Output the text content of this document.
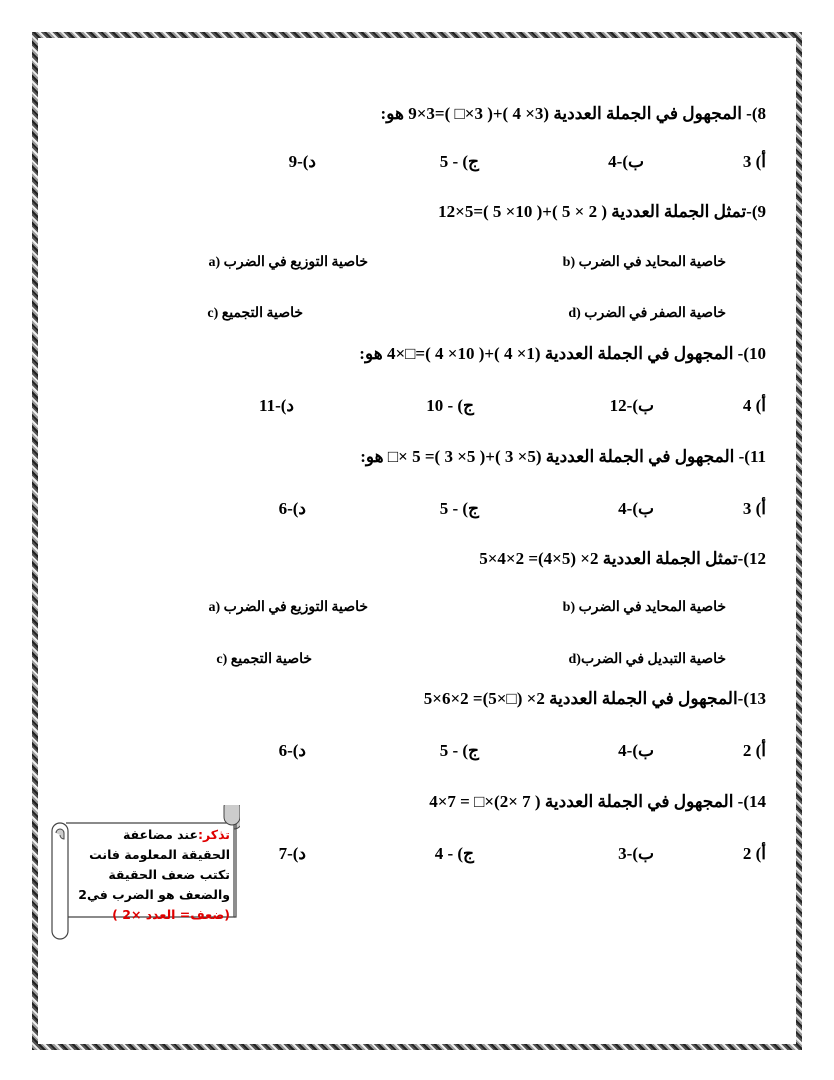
8)- المجهول في الجملة العددية (3× 4 )+( 3×□ )=3×9 هو:
أ) 3
ب)-4
ج) - 5
د)-9
9)-تمثل الجملة العددية ( 2 × 5 )+( 10× 5 )=5×12
خاصية المحايد في الضرب (b
خاصية التوزيع في الضرب (a
خاصية الصفر في الضرب (d
خاصية التجميع (c
10)- المجهول في الجملة العددية (1× 4 )+( 10× 4 )=□×4 هو:
أ) 4
ب)-12
ج) - 10
د)-11
11)- المجهول في الجملة العددية (5× 3 )+( 5× 3 )= 5 ×□ هو:
أ) 3
ب)-4
ج) - 5
د)-6
12)-تمثل الجملة العددية 2× (5×4)= 2×4×5
خاصية المحايد في الضرب (b
خاصية التوزيع في الضرب (a
خاصية التبديل في الضرب(d
خاصية التجميع (c
13)-المجهول في الجملة العددية 2× (□×5)= 2×6×5
أ) 2
ب)-4
ج) - 5
د)-6
14)- المجهول في الجملة العددية ( 7 ×2)×□ = 7×4
أ) 2
ب)-3
ج) - 4
د)-7
تذكر:عند مضاعفة الحقيقة المعلومة فانت تكتب ضعف الحقيقة والضعف هو الضرب في2 (ضعف= العدد ×2 )
